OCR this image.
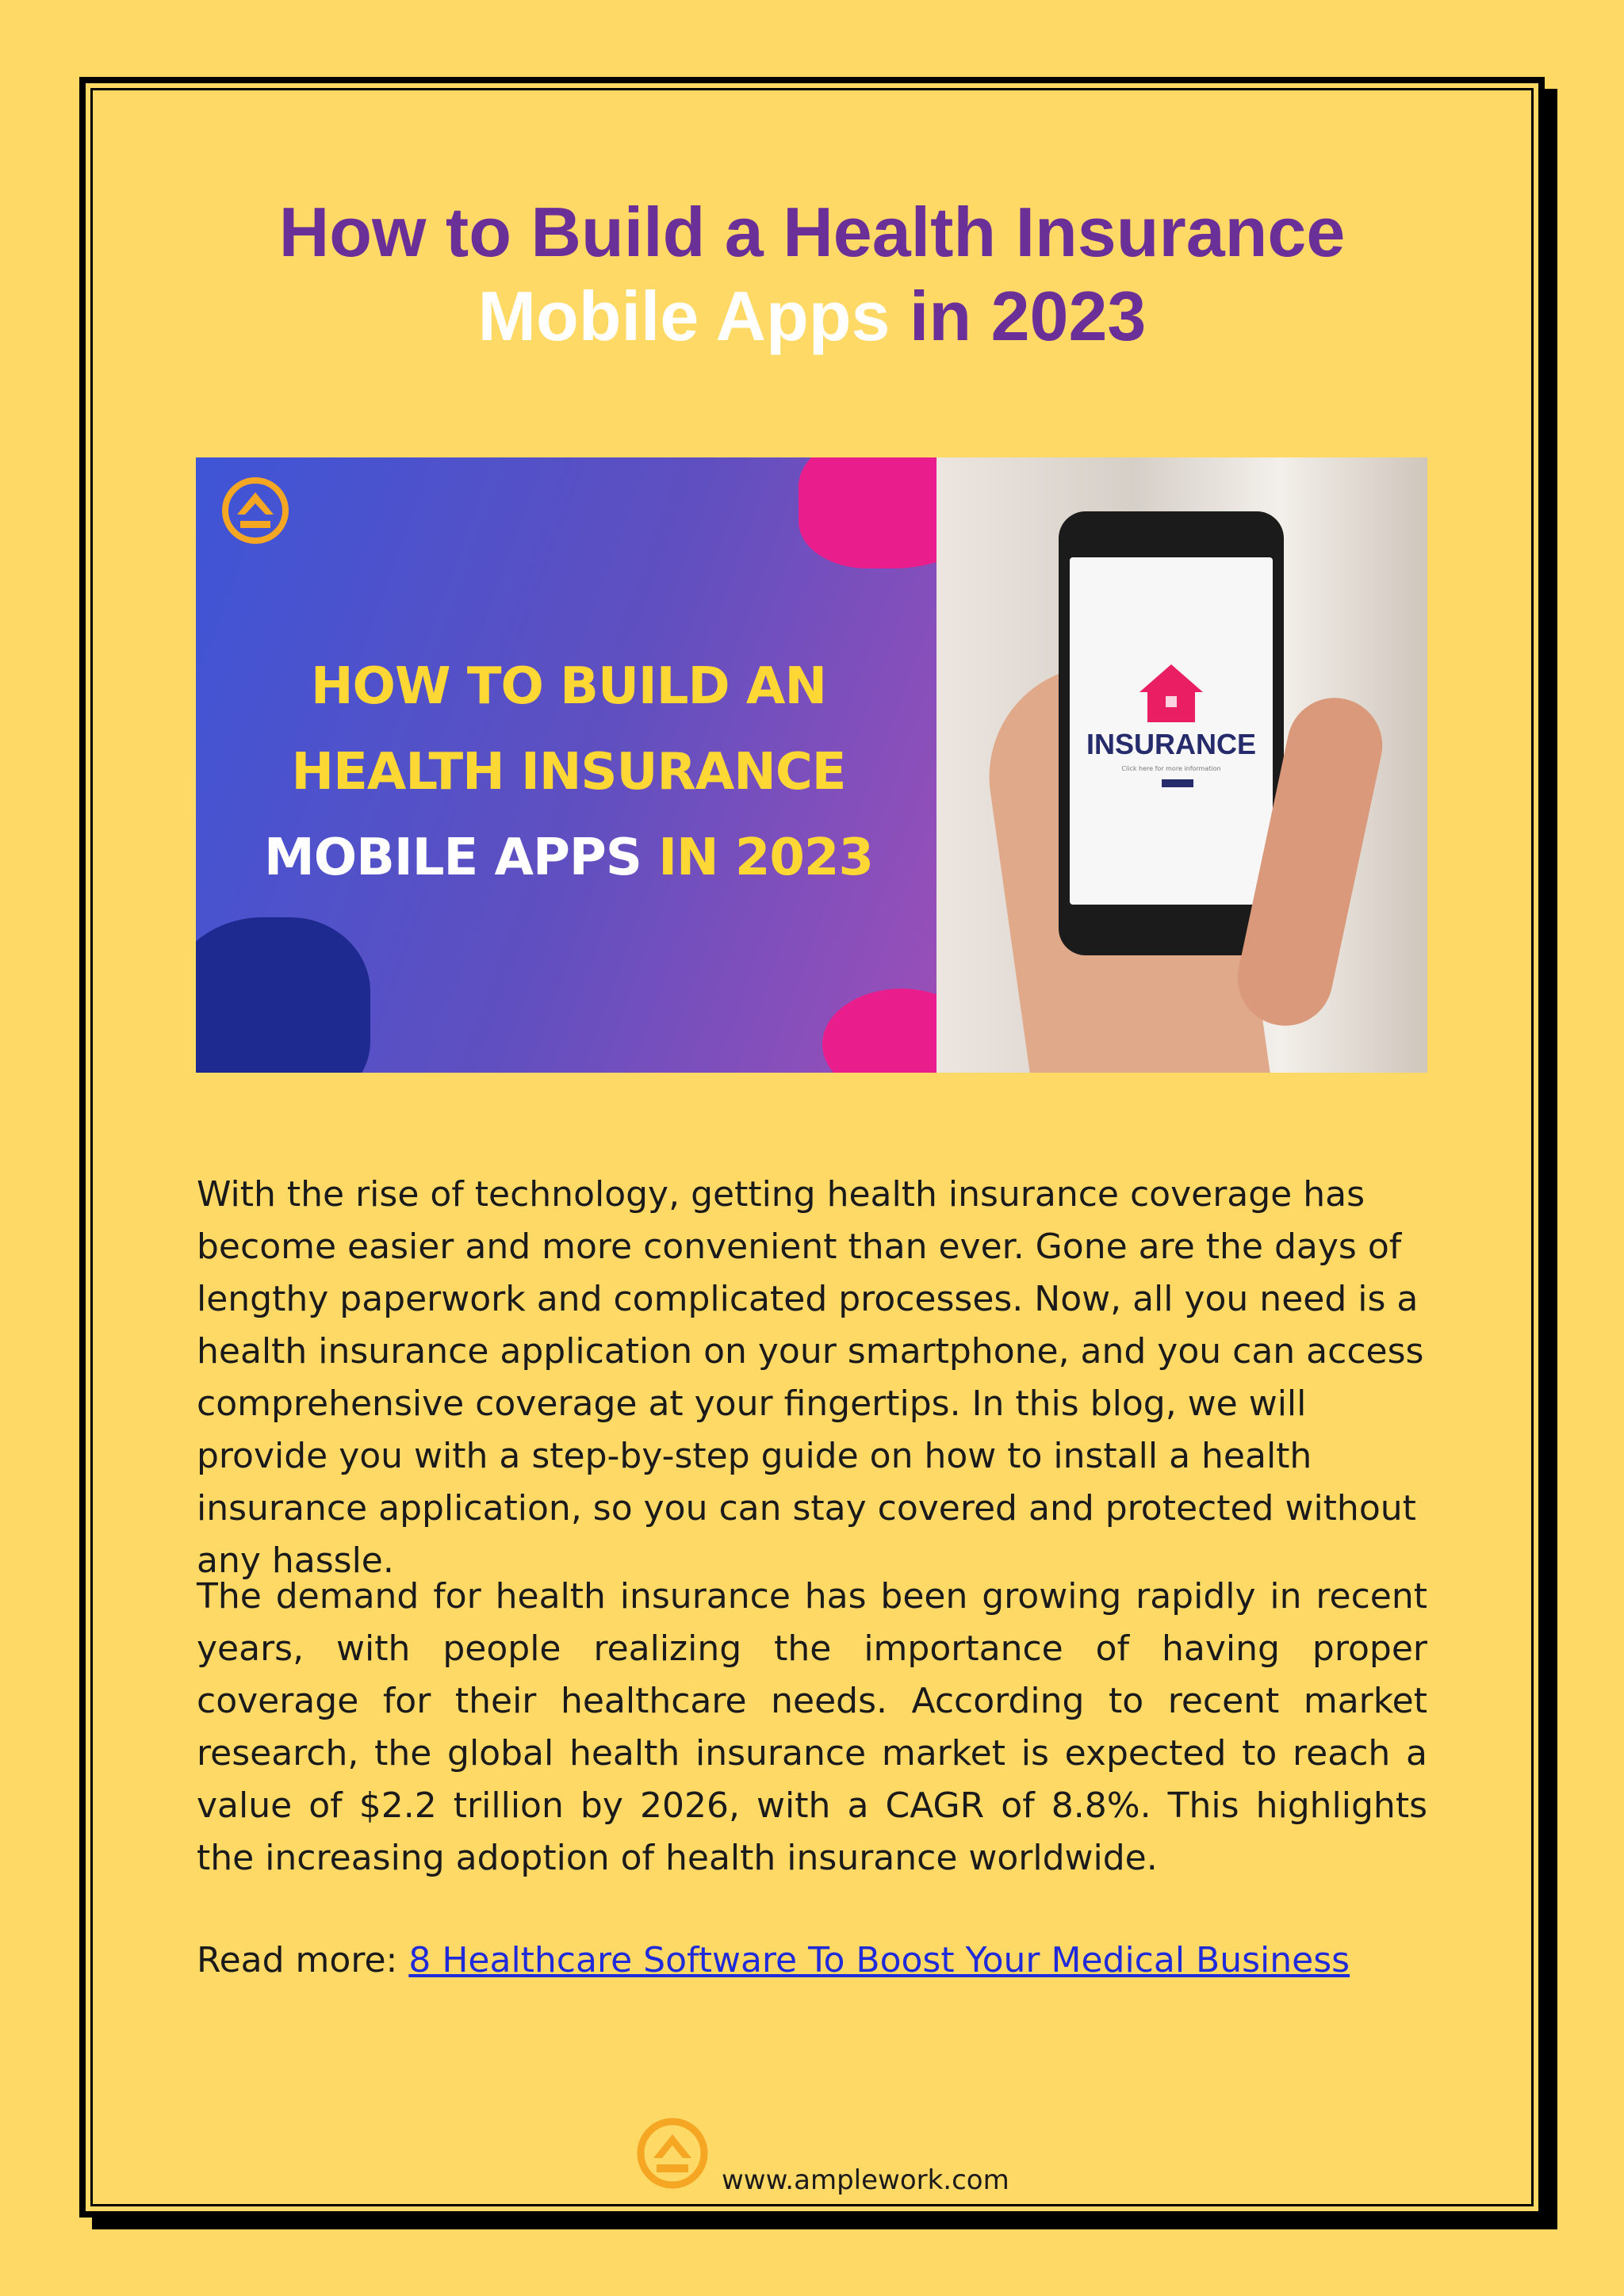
How to Build a Health Insurance
Mobile Apps in 2023
INSURANCE
Click here for more information
HOW TO BUILD AN
HEALTH INSURANCE
MOBILE APPS IN 2023

With the rise of technology, getting health insurance coverage has become easier and more convenient than ever. Gone are the days of lengthy paperwork and complicated processes. Now, all you need is a health insurance application on your smartphone, and you can access comprehensive coverage at your fingertips. In this blog, we will provide you with a step-by-step guide on how to install a health insurance application, so you can stay covered and protected without any hassle.

The demand for health insurance has been growing rapidly in recent years, with people realizing the importance of having proper coverage for their healthcare needs. According to recent market research, the global health insurance market is expected to reach a value of $2.2 trillion by 2026, with a CAGR of 8.8%. This highlights the increasing adoption of health insurance worldwide.

Read more: 8 Healthcare Software To Boost Your Medical Business
www.amplework.com
